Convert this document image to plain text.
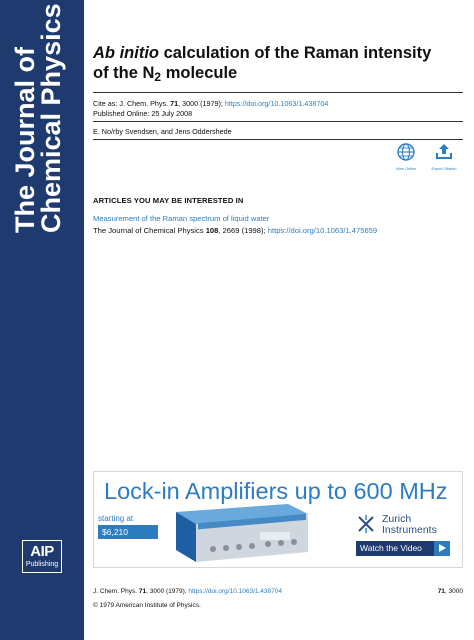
The Journal of
Chemical Physics
AIP
Publishing
Ab initio calculation of the Raman intensity
of the $N_2$ molecule
Cite as: J. Chem. Phys. 71, 3000 (1979); https://doi.org/10.1063/1.438704
Published Online: 25 July 2008
E. No/rby Svendsen, and Jens Oddershede
View Online	Export Citation
ARTICLES YOU MAY BE INTERESTED IN
Measurement of the Raman spectrum of liquid water
The Journal of Chemical Physics 108, 2669 (1998); https://doi.org/10.1063/1.475659
Lock-in Amplifiers up to 600 MHz
starting at
$6,210
Zurich
Instruments
Watch the Video
J. Chem. Phys. 71, 3000 (1979); https://doi.org/10.1063/1.438704	71, 3000
© 1979 American Institute of Physics.
